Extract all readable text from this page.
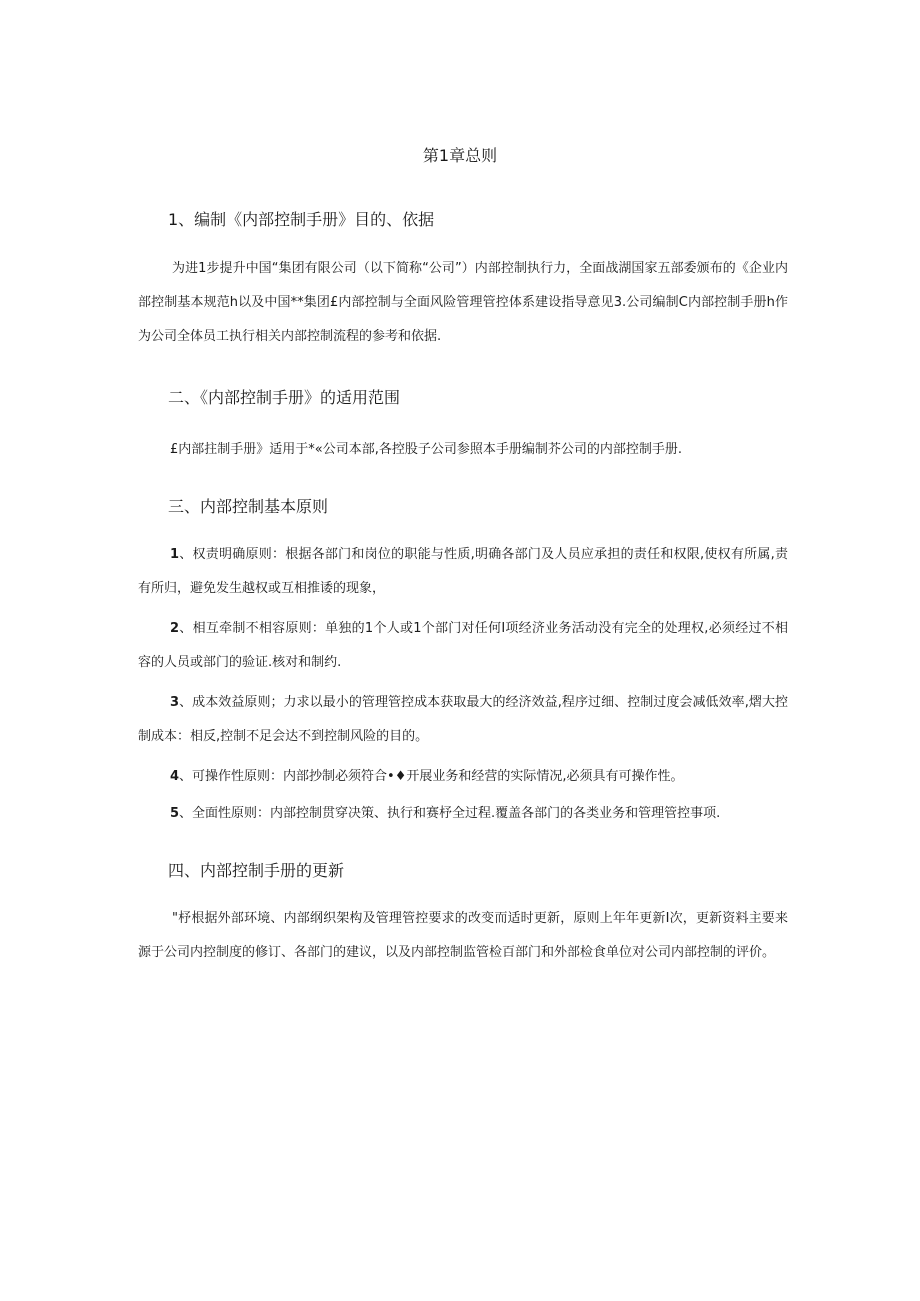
第1章总则
1、编制《内部控制手册》目的、依据
为进1步提升中国“集团有限公司（以下简称“公司”）内部控制执行力，全面战湖国家五部委颁布的《企业内部控制基本规范h以及中国**集团£内部控制与全面风险管理管控体系建设指导意见3.公司编制C内部控制手册h作为公司全体员工执行相关内部控制流程的参考和依据.
二、《内部控制手册》的适用范围
£内部拄制手册》适用于*«公司本部,各控股子公司参照本手册编制芥公司的内部控制手册.
三、内部控制基本原则
1、权责明确原则：根据各部门和岗位的职能与性质,明确各部门及人员应承担的责任和权限,使权有所属,责有所归，避免发生越权或互相推诿的现象，
2、相互牵制不相容原则：单独的1个人或1个部门对任何I项经济业务活动没有完全的处理权,必须经过不相容的人员或部门的验证.核对和制约.
3、成本效益原则；力求以最小的管理管控成本获取最大的经济效益,程序过细、控制过度会减低效率,熠大控制成本：相反,控制不足会达不到控制风险的目的。
4、可操作性原则：内部抄制必须符合•♦开展业务和经营的实际情况,必须具有可操作性。
5、全面性原则：内部控制贯穿决策、执行和赛杼全过程.覆盖各部门的各类业务和管理管控事项.
四、内部控制手册的更新
"杼根据外部环境、内部纲织架构及管理管控要求的改变而适时更新，原则上年年更新I次，更新资料主要来源于公司内控制度的修订、各部门的建议，以及内部控制监管检百部门和外部检食单位对公司内部控制的评价。
